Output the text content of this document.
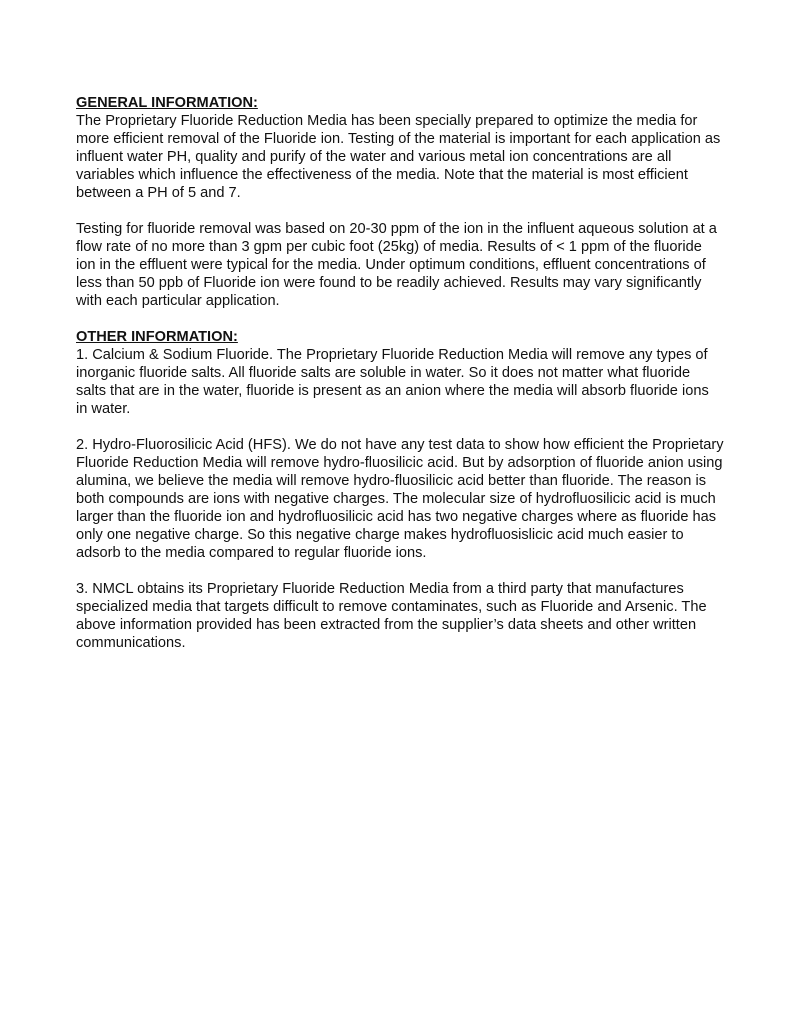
GENERAL INFORMATION:

The Proprietary Fluoride Reduction Media has been specially prepared to optimize the media for more efficient removal of the Fluoride ion. Testing of the material is important for each application as influent water PH, quality and purify of the water and various metal ion concentrations are all variables which influence the effectiveness of the media. Note that the material is most efficient between a PH of 5 and 7.

Testing for fluoride removal was based on 20-30 ppm of the ion in the influent aqueous solution at a flow rate of no more than 3 gpm per cubic foot (25kg) of media. Results of < 1 ppm of the fluoride ion in the effluent were typical for the media. Under optimum conditions, effluent concentrations of less than 50 ppb of Fluoride ion were found to be readily achieved. Results may vary significantly with each particular application.

OTHER INFORMATION:

1. Calcium & Sodium Fluoride. The Proprietary Fluoride Reduction Media will remove any types of inorganic fluoride salts. All fluoride salts are soluble in water. So it does not matter what fluoride salts that are in the water, fluoride is present as an anion where the media will absorb fluoride ions in water.

2. Hydro-Fluorosilicic Acid (HFS). We do not have any test data to show how efficient the Proprietary Fluoride Reduction Media will remove hydro-fluosilicic acid. But by adsorption of fluoride anion using alumina, we believe the media will remove hydro-fluosilicic acid better than fluoride. The reason is both compounds are ions with negative charges. The molecular size of hydrofluosilicic acid is much larger than the fluoride ion and hydrofluosilicic acid has two negative charges where as fluoride has only one negative charge. So this negative charge makes hydrofluosislicic acid much easier to adsorb to the media compared to regular fluoride ions.

3. NMCL obtains its Proprietary Fluoride Reduction Media from a third party that manufactures specialized media that targets difficult to remove contaminates, such as Fluoride and Arsenic. The above information provided has been extracted from the supplier’s data sheets and other written communications.
